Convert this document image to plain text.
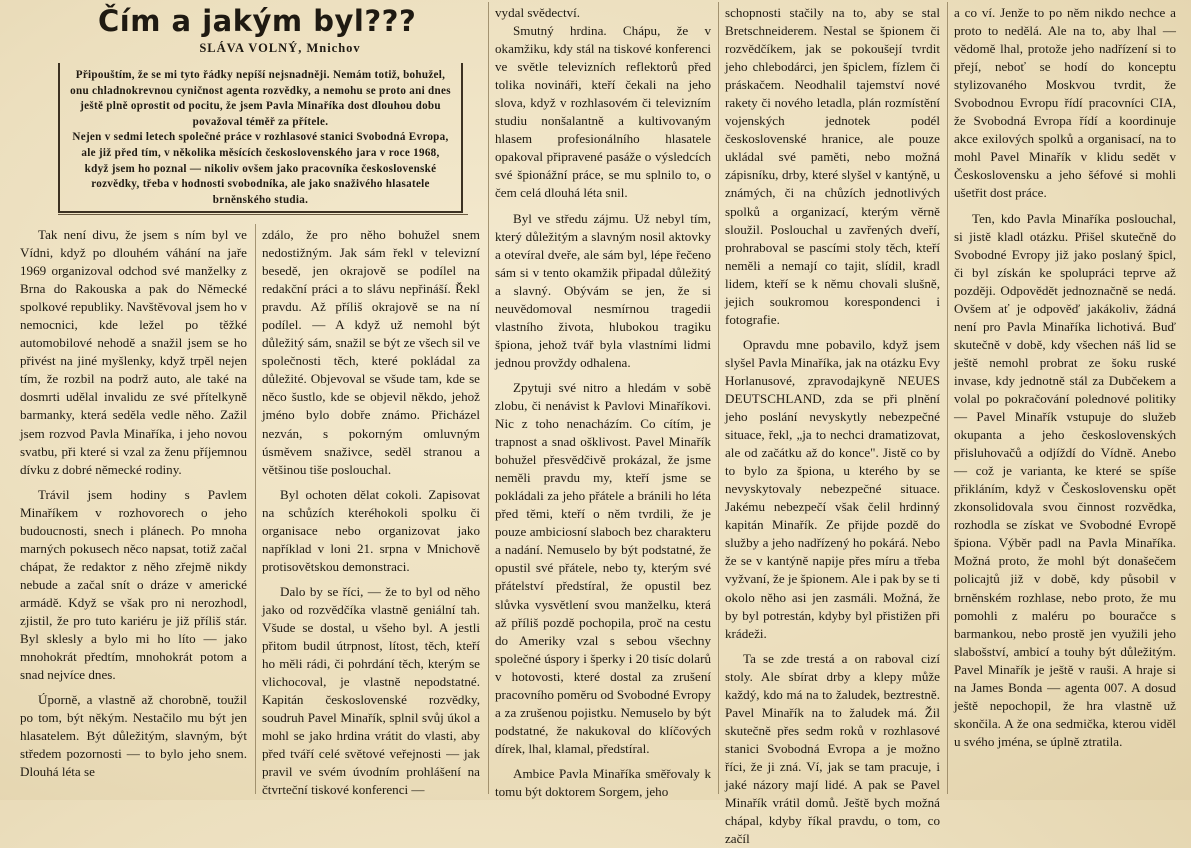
Čím a jakým byl???
SLÁVA VOLNÝ, Mnichov

Připouštím, že se mi tyto řádky nepíší nejsnadněji. Nemám totiž, bohužel, onu chladnokrevnou cyničnost agenta rozvědky, a nemohu se proto ani dnes ještě plně oprostit od pocitu, že jsem Pavla Minaříka dost dlouhou dobu považoval téměř za přítele.

Nejen v sedmi letech společné práce v rozhlasové stanici Svobodná Evropa, ale již před tím, v několika měsících československého jara v roce 1968, když jsem ho poznal — nikoliv ovšem jako pracovníka československé rozvědky, třeba v hodnosti svobodníka, ale jako snaživého hlasatele brněnského studia.

Tak není divu, že jsem s ním byl ve Vídni, když po dlouhém váhání na jaře 1969 organizoval odchod své manželky z Brna do Rakouska a pak do Německé spolkové republiky. Navštěvoval jsem ho v nemocnici, kde ležel po těžké automobilové nehodě a snažil jsem se ho přivést na jiné myšlenky, když trpěl nejen tím, že rozbil na podrž auto, ale také na dosmrti udělal invalidu ze své přítelkyně barmanky, která seděla vedle něho. Zažil jsem rozvod Pavla Minaříka, i jeho novou svatbu, při které si vzal za ženu příjemnou dívku z dobré německé rodiny.

Trávil jsem hodiny s Pavlem Minaříkem v rozhovorech o jeho budoucnosti, snech i plánech. Po mnoha marných pokusech něco napsat, totiž začal chápat, že redaktor z něho zřejmě nikdy nebude a začal snít o dráze v americké armádě. Když se však pro ni nerozhodl, zjistil, že pro tuto kariéru je již příliš stár. Byl sklesly a bylo mi ho líto — jako mnohokrát předtím, mnohokrát potom a snad nejvíce dnes.

Úporně, a vlastně až chorobně, toužil po tom, být někým. Nestačilo mu být jen hlasatelem. Být důležitým, slavným, být středem pozornosti — to bylo jeho snem. Dlouhá léta se

zdálo, že pro něho bohužel snem nedostižným. Jak sám řekl v televizní besedě, jen okrajově se podílel na redakční práci a to slávu nepřináší. Řekl pravdu. Až příliš okrajově se na ní podílel. — A když už nemohl být důležitý sám, snažil se být ze všech sil ve společnosti těch, které pokládal za důležité. Objevoval se všude tam, kde se něco šustlo, kde se objevil někdo, jehož jméno bylo dobře známo. Přicházel nezván, s pokorným omluvným úsměvem snaživce, seděl stranou a většinou tiše poslouchal.

Byl ochoten dělat cokoli. Zapisovat na schůzích kteréhokoli spolku či organisace nebo organizovat jako například v loni 21. srpna v Mnichově protisovětskou demonstraci.

Dalo by se říci, — že to byl od něho jako od rozvědčíka vlastně geniální tah. Všude se dostal, u všeho byl. A jestli přitom budil útrpnost, lítost, těch, kteří ho měli rádi, či pohrdání těch, kterým se vlichocoval, je vlastně nepodstatné. Kapitán československé rozvědky, soudruh Pavel Minařík, splnil svůj úkol a mohl se jako hrdina vrátit do vlasti, aby před tváří celé světové veřejnosti — jak pravil ve svém úvodním prohlášení na čtvrteční tiskové konferenci —

vydal svědectví.

Smutný hrdina. Chápu, že v okamžiku, kdy stál na tiskové konferenci ve světle televizních reflektorů před tolika novináři, kteří čekali na jeho slova, když v rozhlasovém či televizním studiu nonšalantně a kultivovaným hlasem profesionálního hlasatele opakoval připravené pasáže o výsledcích své špionážní práce, se mu splnilo to, o čem celá dlouhá léta snil.

Byl ve středu zájmu. Už nebyl tím, který důležitým a slavným nosil aktovky a otevíral dveře, ale sám byl, lépe řečeno sám si v tento okamžik připadal důležitý a slavný. Obývám se jen, že si neuvědomoval nesmírnou tragedii vlastního života, hlubokou tragiku špiona, jehož tvář byla vlastními lidmi jednou provždy odhalena.

Zpytuji své nitro a hledám v sobě zlobu, či nenávist k Pavlovi Minaříkovi. Nic z toho nenacházím. Co cítím, je trapnost a snad ošklivost. Pavel Minařík bohužel přesvědčivě prokázal, že jsme neměli pravdu my, kteří jsme se pokládali za jeho přátele a bránili ho léta před těmi, kteří o něm tvrdili, že je pouze ambiciosní slaboch bez charakteru a nadání. Nemuselo by být podstatné, že opustil své přátele, nebo ty, kterým své přátelství předstíral, že opustil bez slůvka vysvětlení svou manželku, která až příliš pozdě pochopila, proč na cestu do Ameriky vzal s sebou všechny společné úspory i šperky i 20 tisíc dolarů v hotovosti, které dostal za zrušení pracovního poměru od Svobodné Evropy a za zrušenou pojistku. Nemuselo by být podstatné, že nakukoval do klíčových dírek, lhal, klamal, předstíral.

Ambice Pavla Minaříka směřovaly k tomu být doktorem Sorgem, jeho

schopnosti stačily na to, aby se stal Bretschneiderem. Nestal se špionem či rozvědčíkem, jak se pokoušejí tvrdit jeho chlebodárci, jen špiclem, fízlem či práskačem. Neodhalil tajemství nové rakety či nového letadla, plán rozmístění vojenských jednotek podél československé hranice, ale pouze ukládal své paměti, nebo možná zápisníku, drby, které slyšel v kantýně, u známých, či na chůzích jednotlivých spolků a organizací, kterým věrně sloužil. Poslouchal u zavřených dveří, prohraboval se pascími stoly těch, kteří neměli a nemají co tajit, slídil, kradl lidem, kteří se k němu chovali slušně, jejich soukromou korespondenci i fotografie.

Opravdu mne pobavilo, když jsem slyšel Pavla Minaříka, jak na otázku Evy Horlanusové, zpravodajkyně NEUES DEUTSCHLAND, zda se při plnění jeho poslání nevyskytly nebezpečné situace, řekl, „ja to nechci dramatizovat, ale od začátku až do konce". Jistě co by to bylo za špiona, u kterého by se nevyskytovaly nebezpečné situace. Jakému nebezpečí však čelil hrdinný kapitán Minařík. Ze přijde pozdě do služby a jeho nadřízený ho pokárá. Nebo že se v kantýně napije přes míru a třeba vyžvaní, že je špionem. Ale i pak by se ti okolo něho asi jen zasmáli. Možná, že by byl potrestán, kdyby byl přistižen při krádeži.

Ta se zde trestá a on raboval cizí stoly. Ale sbírat drby a klepy může každý, kdo má na to žaludek, beztrestně. Pavel Minařík na to žaludek má. Žil skutečně přes sedm roků v rozhlasové stanici Svobodná Evropa a je možno říci, že ji zná. Ví, jak se tam pracuje, i jaké názory mají lidé. A pak se Pavel Minařík vrátil domů. Ještě bych možná chápal, kdyby říkal pravdu, o tom, co začíl

a co ví. Jenže to po něm nikdo nechce a proto to nedělá. Ale na to, aby lhal — vědomě lhal, protože jeho nadřízení si to přejí, neboť se hodí do konceptu stylizovaného Moskvou tvrdit, že Svobodnou Evropu řídí pracovníci CIA, že Svobodná Evropa řídí a koordinuje akce exilových spolků a organisací, na to mohl Pavel Minařík v klidu sedět v Československu a jeho šéfové si mohli ušetřit dost práce.

Ten, kdo Pavla Minaříka poslouchal, si jistě kladl otázku. Přišel skutečně do Svobodné Evropy již jako poslaný špicl, či byl získán ke spolupráci teprve až později. Odpovědět jednoznačně se nedá. Ovšem ať je odpověď jakákoliv, žádná není pro Pavla Minaříka lichotivá. Buď skutečně v době, kdy všechen náš lid se ještě nemohl probrat ze šoku ruské invase, kdy jednotně stál za Dubčekem a volal po pokračování polednové politiky — Pavel Minařík vstupuje do služeb okupanta a jeho československých přisluhovačů a odjíždí do Vídně. Anebo — což je varianta, ke které se spíše přikláním, když v Československu opět zkonsolidovala svou činnost rozvědka, rozhodla se získat ve Svobodné Evropě špiona. Výběr padl na Pavla Minaříka. Možná proto, že mohl být donašečem policajtů již v době, kdy působil v brněnském rozhlase, nebo proto, že mu pomohli z maléru po bouračce s barmankou, nebo prostě jen využili jeho slabošství, ambicí a touhy být důležitým. Pavel Minařík je ještě v rauši. A hraje si na James Bonda — agenta 007. A dosud ještě nepochopil, že hra vlastně už skončila. A že ona sedmička, kterou viděl u svého jména, se úplně ztratila.
